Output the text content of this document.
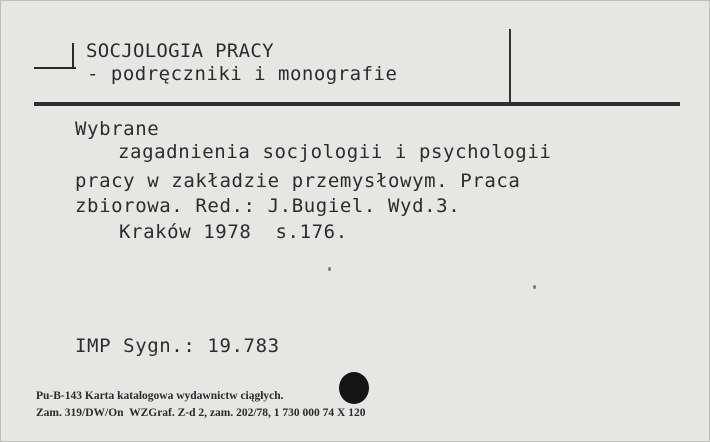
SOCJOLOGIA PRACY
- podręczniki i monografie
Wybrane
zagadnienia socjologii i psychologii
pracy w zakładzie przemysłowym. Praca
zbiorowa. Red.: J.Bugiel. Wyd.3.
Kraków 1978  s.176.
IMP Sygn.: 19.783
Pu-B-143 Karta katalogowa wydawnictw ciągłych.
Zam. 319/DW/On  WZGraf. Z-d 2, zam. 202/78, 1 730 000 74 X 120
